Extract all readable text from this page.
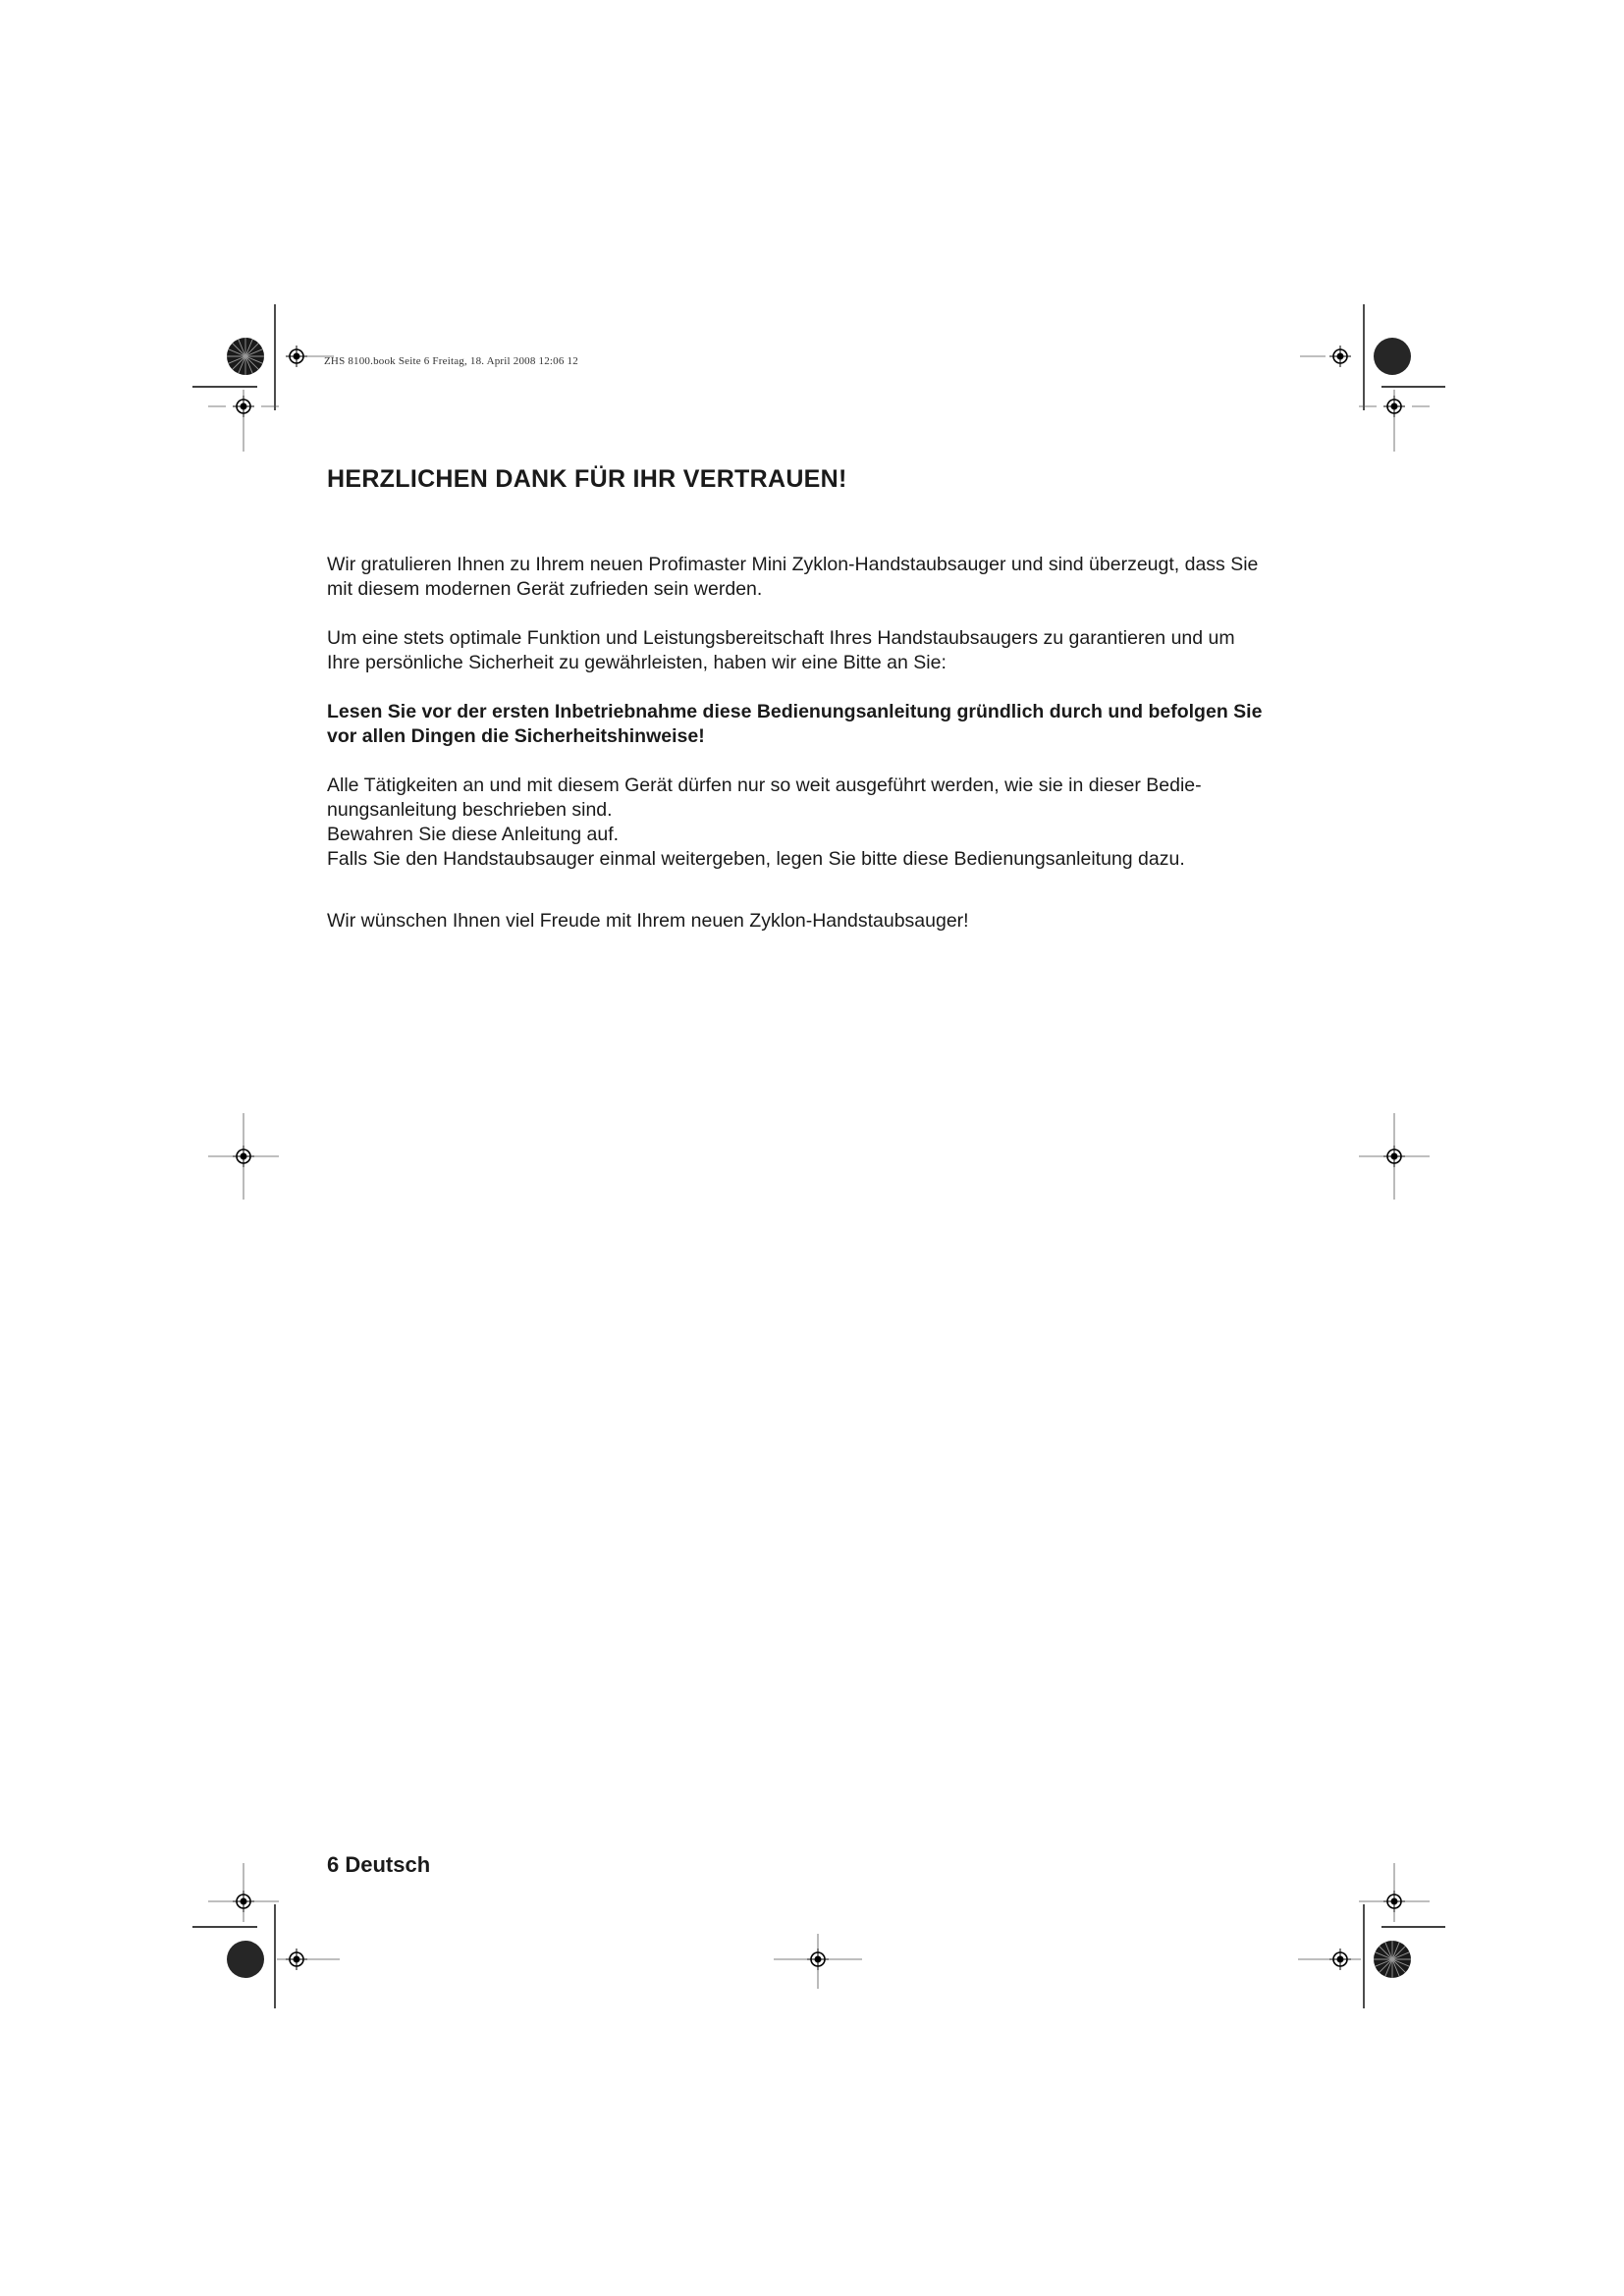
ZHS 8100.book Seite 6 Freitag, 18. April 2008 12:06 12
HERZLICHEN DANK FÜR IHR VERTRAUEN!

Wir gratulieren Ihnen zu Ihrem neuen Profimaster Mini Zyklon-Handstaubsauger und sind überzeugt, dass Sie mit diesem modernen Gerät zufrieden sein werden.

Um eine stets optimale Funktion und Leistungsbereitschaft Ihres Handstaubsaugers zu garantieren und um Ihre persönliche Sicherheit zu gewährleisten, haben wir eine Bitte an Sie:

Lesen Sie vor der ersten Inbetriebnahme diese Bedienungsanleitung gründlich durch und befolgen Sie vor allen Dingen die Sicherheitshinweise!

Alle Tätigkeiten an und mit diesem Gerät dürfen nur so weit ausgeführt werden, wie sie in dieser Bedie-
nungsanleitung beschrieben sind.
Bewahren Sie diese Anleitung auf.
Falls Sie den Handstaubsauger einmal weitergeben, legen Sie bitte diese Bedienungsanleitung dazu.

Wir wünschen Ihnen viel Freude mit Ihrem neuen Zyklon-Handstaubsauger!

6 Deutsch
